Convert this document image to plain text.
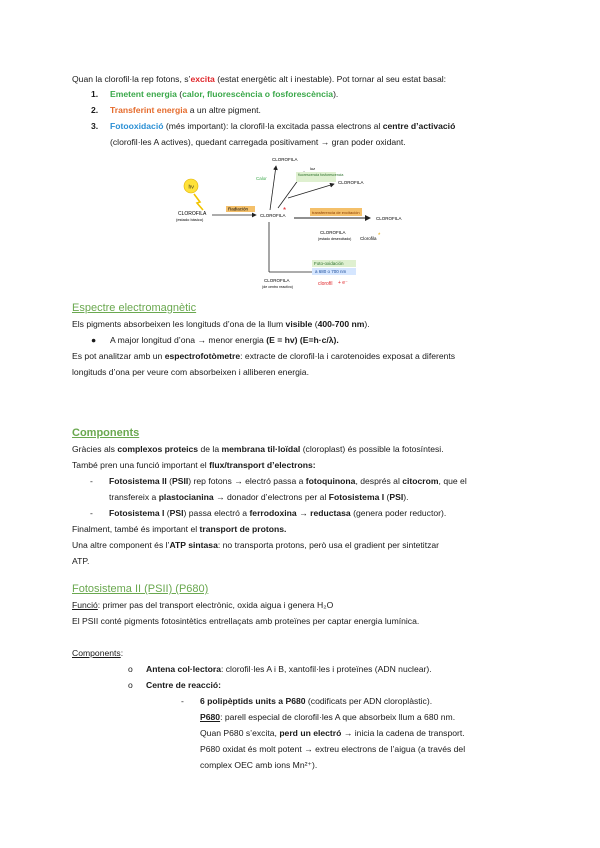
Quan la clorofil·la rep fotons, s’excita (estat energètic alt i inestable). Pot tornar al seu estat basal:
1. Emetent energia (calor, fluorescència o fosforescència).
2. Transferint energia a un altre pigment.
3. Fotooxidació (més important): la clorofil·la excitada passa electrons al centre d’activació
(clorofil·les A actives), quedant carregada positivament → gran poder oxidant.
hν
CLOROFILA
(estado básico)
Radiación
CLOROFILA
*
CLOROFILA
Calor
luz
fluorescencia fosforescencia
CLOROFILA
transferencia de excitación
CLOROFILA
CLOROFILA
(estado desexcitado) Clorofila *
Foto-oxidación
a 680 o 700 nm
CLOROFILA
(de centro reactivo)	clorofil + e⁻
Espectre electromagnètic
Els pigments absorbeixen les longituds d’ona de la llum visible (400-700 nm).
● A major longitud d’ona → menor energia (E = hv) (E=h·c/λ).
Es pot analitzar amb un espectrofotòmetre: extracte de clorofil·la i carotenoides exposat a diferents
longituds d’ona per veure com absorbeixen i alliberen energia.
Components
Gràcies als complexos proteics de la membrana til·loïdal (cloroplast) és possible la fotosíntesi.
També pren una funció important el flux/transport d’electrons:
- Fotosistema II (PSII) rep fotons → electró passa a fotoquinona, després al citocrom, que el
transfereix a plastocianina → donador d’electrons per al Fotosistema I (PSI).
- Fotosistema I (PSI) passa electró a ferrodoxina → reductasa (genera poder reductor).
Finalment, també és important el transport de protons.
Una altre component és l’ATP sintasa: no transporta protons, però usa el gradient per sintetitzar
ATP.
Fotosistema II (PSII) (P680)
Funció: primer pas del transport electrònic, oxida aigua i genera H₂O
El PSII conté pigments fotosintètics entrellaçats amb proteïnes per captar energia lumínica.
Components:
o Antena col·lectora: clorofil·les A i B, xantofil·les i proteïnes (ADN nuclear).
o Centre de reacció:
- 6 polipèptids units a P680 (codificats per ADN cloroplàstic).
P680: parell especial de clorofil·les A que absorbeix llum a 680 nm.
Quan P680 s’excita, perd un electró → inicia la cadena de transport.
P680 oxidat és molt potent → extreu electrons de l’aigua (a través del
complex OEC amb ions Mn²⁺).
